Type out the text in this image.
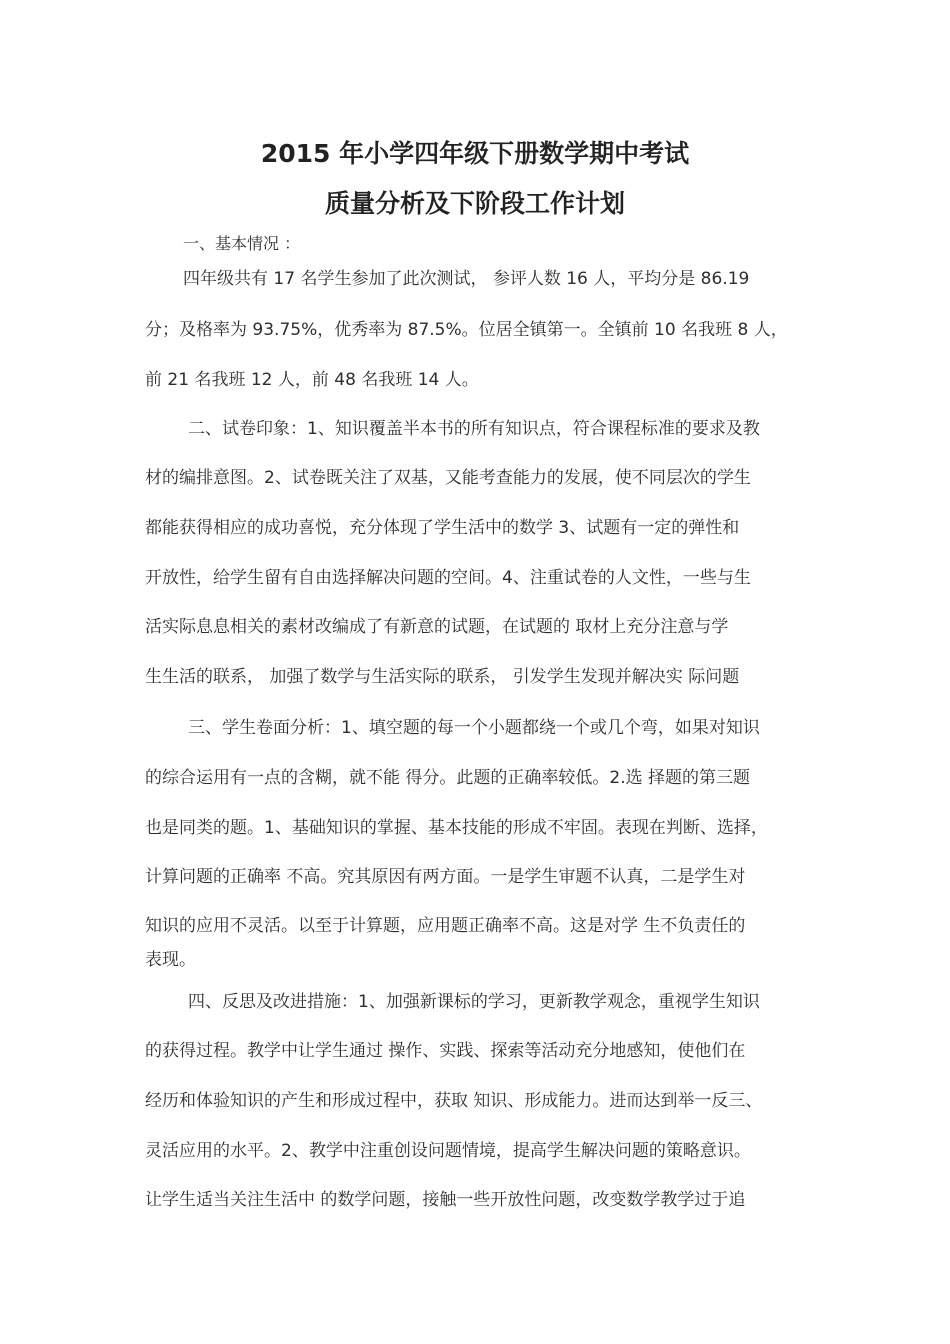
2015 年小学四年级下册数学期中考试
质量分析及下阶段工作计划
一、基本情况 ：
四年级共有 17 名学生参加了此次测试， 参评人数 16 人，平均分是 86.19
分；及格率为 93.75%，优秀率为 87.5%。位居全镇第一。全镇前 10 名我班 8 人，
前 21 名我班 12 人，前 48 名我班 14 人。
二、试卷印象：1、知识覆盖半本书的所有知识点，符合课程标准的要求及教
材的编排意图。2、试卷既关注了双基，又能考查能力的发展，使不同层次的学生
都能获得相应的成功喜悦，充分体现了学生活中的数学 3、试题有一定的弹性和
开放性，给学生留有自由选择解决问题的空间。4、注重试卷的人文性，一些与生
活实际息息相关的素材改编成了有新意的试题，在试题的 取材上充分注意与学
生生活的联系， 加强了数学与生活实际的联系， 引发学生发现并解决实 际问题
三、学生卷面分析：1、填空题的每一个小题都绕一个或几个弯，如果对知识
的综合运用有一点的含糊，就不能 得分。此题的正确率较低。2.选 择题的第三题
也是同类的题。1、基础知识的掌握、基本技能的形成不牢固。表现在判断、选择，
计算问题的正确率 不高。究其原因有两方面。一是学生审题不认真，二是学生对
知识的应用不灵活。以至于计算题，应用题正确率不高。这是对学 生不负责任的
表现。
四、反思及改进措施：1、加强新课标的学习，更新教学观念，重视学生知识
的获得过程。教学中让学生通过 操作、实践、探索等活动充分地感知，使他们在
经历和体验知识的产生和形成过程中，获取 知识、形成能力。进而达到举一反三、
灵活应用的水平。2、教学中注重创设问题情境，提高学生解决问题的策略意识。
让学生适当关注生活中 的数学问题，接触一些开放性问题，改变数学教学过于追
